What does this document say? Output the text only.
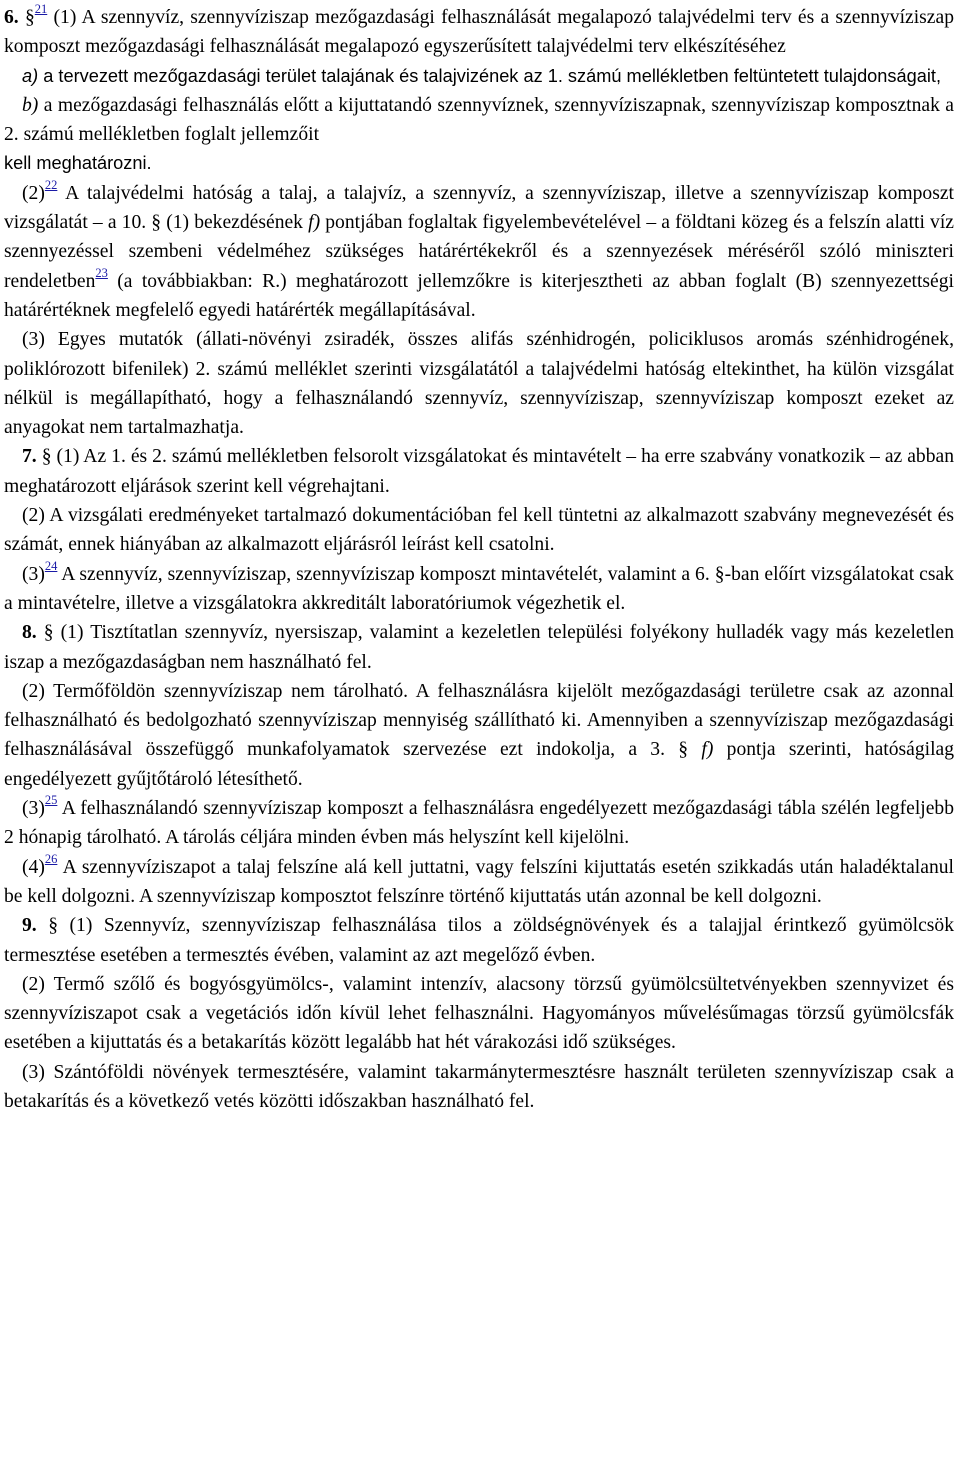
6. §$^{21}$ (1) A szennyvíz, szennyvíziszap mezőgazdasági felhasználását megalapozó talajvédelmi terv és a szennyvíziszap komposzt mezőgazdasági felhasználását megalapozó egyszerűsített talajvédelmi terv elkészítéséhez

a) a tervezett mezőgazdasági terület talajának és talajvizének az 1. számú mellékletben feltüntetett tulajdonságait,

b) a mezőgazdasági felhasználás előtt a kijuttatandó szennyvíznek, szennyvíziszapnak, szennyvíziszap komposztnak a 2. számú mellékletben foglalt jellemzőit

kell meghatározni.

(2)$^{22}$ A talajvédelmi hatóság a talaj, a talajvíz, a szennyvíz, a szennyvíziszap, illetve a szennyvíziszap komposzt vizsgálatát – a 10. § (1) bekezdésének f) pontjában foglaltak figyelembevételével – a földtani közeg és a felszín alatti víz szennyezéssel szembeni védelméhez szükséges határértékekről és a szennyezések méréséről szóló miniszteri rendeletben$^{23}$ (a továbbiakban: R.) meghatározott jellemzőkre is kiterjesztheti az abban foglalt (B) szennyezettségi határértéknek megfelelő egyedi határérték megállapításával.

(3) Egyes mutatók (állati-növényi zsiradék, összes alifás szénhidrogén, policiklusos aromás szénhidrogének, poliklórozott bifenilek) 2. számú melléklet szerinti vizsgálatától a talajvédelmi hatóság eltekinthet, ha külön vizsgálat nélkül is megállapítható, hogy a felhasználandó szennyvíz, szennyvíziszap, szennyvíziszap komposzt ezeket az anyagokat nem tartalmazhatja.

7. § (1) Az 1. és 2. számú mellékletben felsorolt vizsgálatokat és mintavételt – ha erre szabvány vonatkozik – az abban meghatározott eljárások szerint kell végrehajtani.

(2) A vizsgálati eredményeket tartalmazó dokumentációban fel kell tüntetni az alkalmazott szabvány megnevezését és számát, ennek hiányában az alkalmazott eljárásról leírást kell csatolni.

(3)$^{24}$ A szennyvíz, szennyvíziszap, szennyvíziszap komposzt mintavételét, valamint a 6. §-ban előírt vizsgálatokat csak a mintavételre, illetve a vizsgálatokra akkreditált laboratóriumok végezhetik el.

8. § (1) Tisztítatlan szennyvíz, nyersiszap, valamint a kezeletlen települési folyékony hulladék vagy más kezeletlen iszap a mezőgazdaságban nem használható fel.

(2) Termőföldön szennyvíziszap nem tárolható. A felhasználásra kijelölt mezőgazdasági területre csak az azonnal felhasználható és bedolgozható szennyvíziszap mennyiség szállítható ki. Amennyiben a szennyvíziszap mezőgazdasági felhasználásával összefüggő munkafolyamatok szervezése ezt indokolja, a 3. § f) pontja szerinti, hatóságilag engedélyezett gyűjtőtároló létesíthető.

(3)$^{25}$ A felhasználandó szennyvíziszap komposzt a felhasználásra engedélyezett mezőgazdasági tábla szélén legfeljebb 2 hónapig tárolható. A tárolás céljára minden évben más helyszínt kell kijelölni.

(4)$^{26}$ A szennyvíziszapot a talaj felszíne alá kell juttatni, vagy felszíni kijuttatás esetén szikkadás után haladéktalanul be kell dolgozni. A szennyvíziszap komposztot felszínre történő kijuttatás után azonnal be kell dolgozni.

9. § (1) Szennyvíz, szennyvíziszap felhasználása tilos a zöldségnövények és a talajjal érintkező gyümölcsök termesztése esetében a termesztés évében, valamint az azt megelőző évben.

(2) Termő szőlő és bogyósgyümölcs-, valamint intenzív, alacsony törzsű gyümölcsültetvényekben szennyvizet és szennyvíziszapot csak a vegetációs időn kívül lehet felhasználni. Hagyományos művelésűmagas törzsű gyümölcsfák esetében a kijuttatás és a betakarítás között legalább hat hét várakozási idő szükséges.

(3) Szántóföldi növények termesztésére, valamint takarmánytermesztésre használt területen szennyvíziszap csak a betakarítás és a következő vetés közötti időszakban használható fel.
